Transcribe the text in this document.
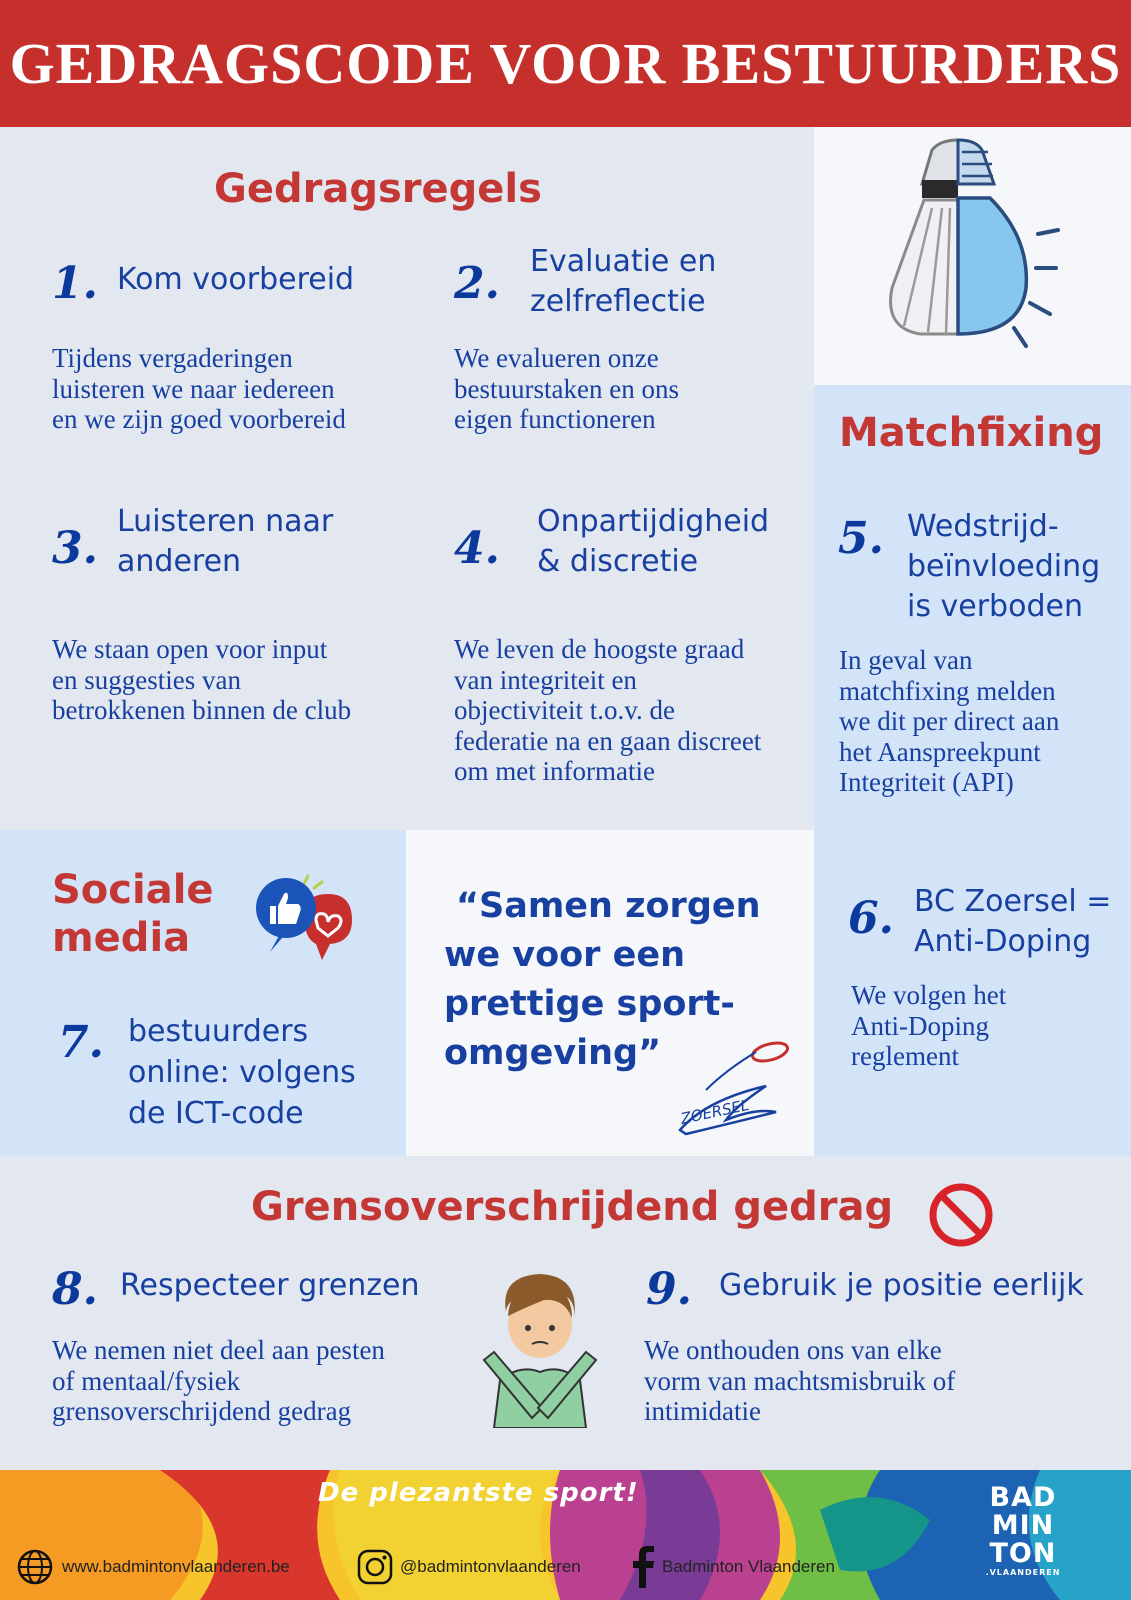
GEDRAGSCODE VOOR BESTUURDERS
Gedragsregels
1. Kom voorbereid
Tijdens vergaderingen
luisteren we naar iedereen
en we zijn goed voorbereid
2. Evaluatie en
zelfreflectie
We evalueren onze
bestuurstaken en ons
eigen functioneren
3.
Luisteren naar
anderen
We staan open voor input
en suggesties van
betrokkenen binnen de club
4.
Onpartijdigheid
& discretie
We leven de hoogste graad
van integriteit en
objectiviteit t.o.v. de
federatie na en gaan discreet
om met informatie
Matchfixing
5. Wedstrijd-
beïnvloeding
is verboden
In geval van
matchfixing melden
we dit per direct aan
het Aanspreekpunt
Integriteit (API)
Sociale
media
7. bestuurders
online: volgens
de ICT-code
“Samen zorgen
we voor een
prettige sport-
omgeving”
ZOERSEL
6. BC Zoersel =
Anti-Doping
We volgen het
Anti-Doping
reglement
Grensoverschrijdend gedrag
8. Respecteer grenzen
We nemen niet deel aan pesten
of mentaal/fysiek
grensoverschrijdend gedrag
9. Gebruik je positie eerlijk
We onthouden ons van elke
vorm van machtsmisbruik of
intimidatie
De plezantste sport!
www.badmintonvlaanderen.be	@badmintonvlaanderen	Badminton Vlaanderen
BAD
MIN
TON
.VLAANDEREN
